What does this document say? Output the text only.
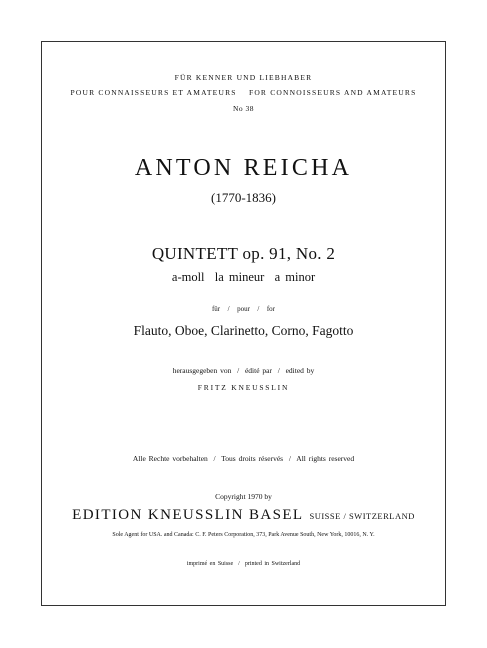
FÜR KENNER UND LIEBHABER
POUR CONNAISSEURS ET AMATEURS    FOR CONNOISSEURS AND AMATEURS
No 38
ANTON REICHA
(1770-1836)
QUINTETT op. 91, No. 2
a-moll  la mineur  a minor
für  /  pour  /  for
Flauto, Oboe, Clarinetto, Corno, Fagotto
herausgegeben von  /  édité par  /  edited by
FRITZ KNEUSSLIN
Alle Rechte vorbehalten  /  Tous droits réservés  /  All rights reserved
Copyright 1970 by
EDITION KNEUSSLIN BASEL SUISSE / SWITZERLAND
Sole Agent for USA. and Canada: C. F. Peters Corporation, 373, Park Avenue South, New York, 10016, N. Y.
imprimé en Suisse  /  printed in Switzerland
